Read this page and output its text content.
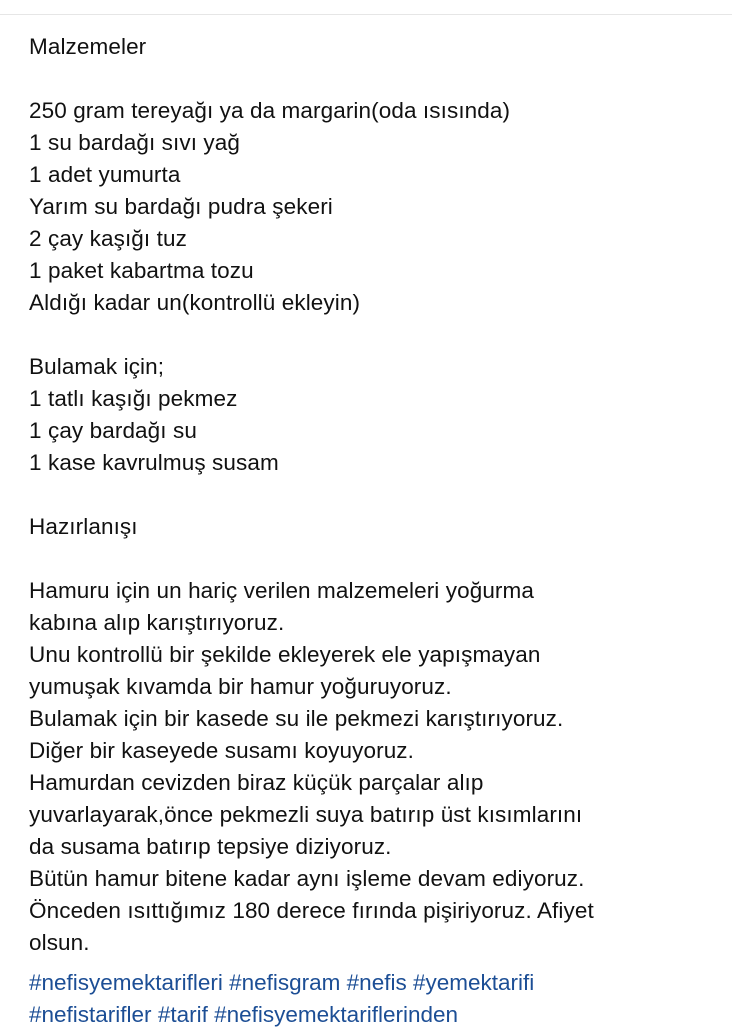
Malzemeler
250 gram tereyağı ya da margarin(oda ısısında)
1 su bardağı sıvı yağ
1 adet yumurta
Yarım su bardağı pudra şekeri
2 çay kaşığı tuz
1 paket kabartma tozu
Aldığı kadar un(kontrollü ekleyin)
Bulamak için;
1 tatlı kaşığı pekmez
1 çay bardağı su
1 kase kavrulmuş susam
Hazırlanışı
Hamuru için un hariç verilen malzemeleri yoğurma
kabına alıp karıştırıyoruz.
Unu kontrollü bir şekilde ekleyerek ele yapışmayan
yumuşak kıvamda bir hamur yoğuruyoruz.
Bulamak için bir kasede su ile pekmezi karıştırıyoruz.
Diğer bir kaseyede susamı koyuyoruz.
Hamurdan cevizden biraz küçük parçalar alıp
yuvarlayarak,önce pekmezli suya batırıp üst kısımlarını
da susama batırıp tepsiye diziyoruz.
Bütün hamur bitene kadar aynı işleme devam ediyoruz.
Önceden ısıttığımız 180 derece fırında pişiriyoruz. Afiyet
olsun.
#nefisyemektarifleri #nefisgram #nefis #yemektarifi
#nefistarifler #tarif #nefisyemektariflerinden
